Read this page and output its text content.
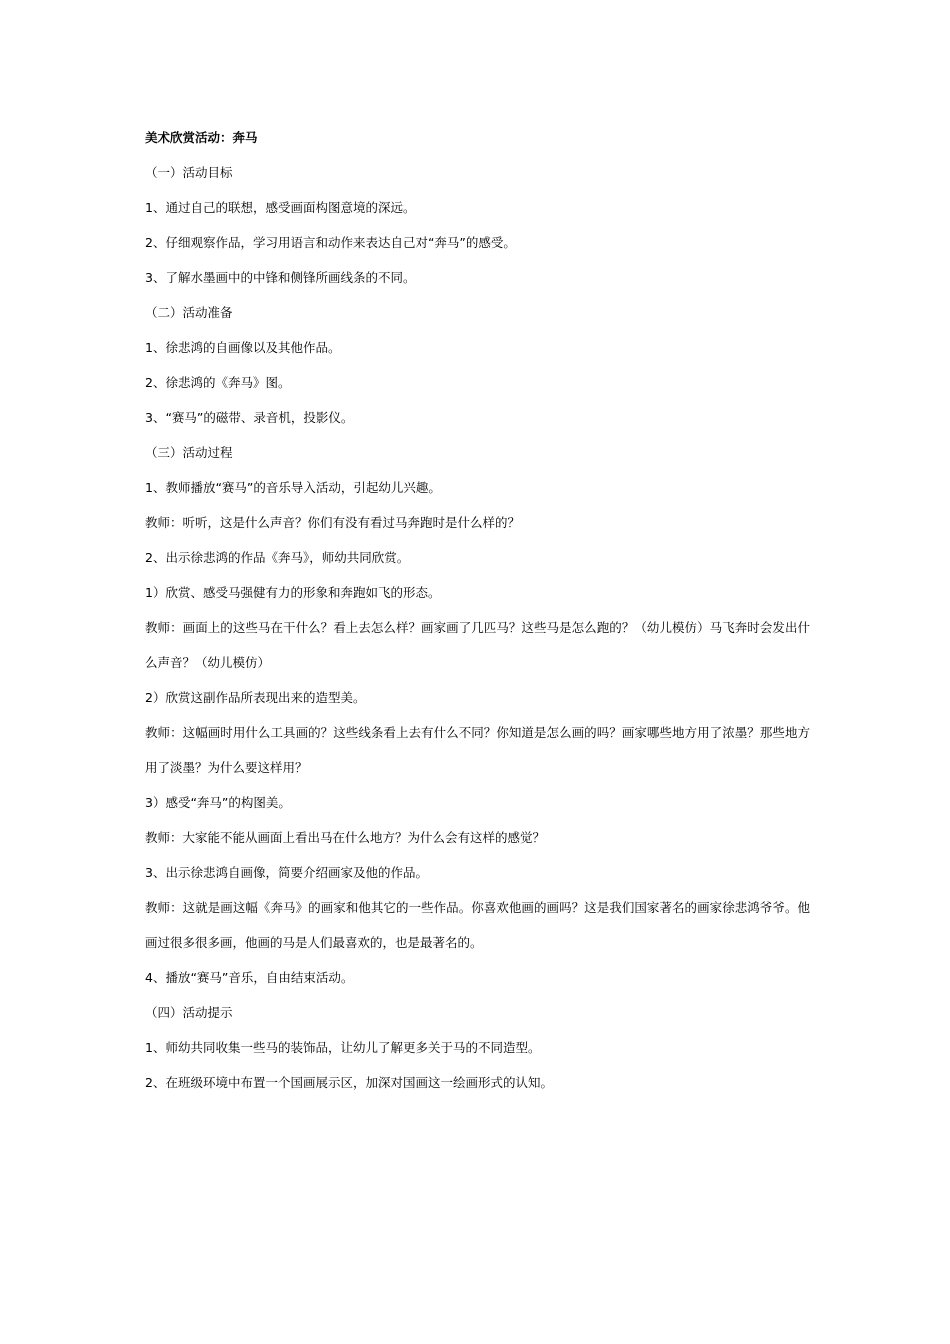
美术欣赏活动：奔马
（一）活动目标
1、通过自己的联想，感受画面构图意境的深远。
2、仔细观察作品，学习用语言和动作来表达自己对“奔马”的感受。
3、了解水墨画中的中锋和侧锋所画线条的不同。
（二）活动准备
1、徐悲鸿的自画像以及其他作品。
2、徐悲鸿的《奔马》图。
3、“赛马”的磁带、录音机，投影仪。
（三）活动过程
1、教师播放“赛马”的音乐导入活动，引起幼儿兴趣。
教师：听听，这是什么声音？你们有没有看过马奔跑时是什么样的？
2、出示徐悲鸿的作品《奔马》，师幼共同欣赏。
1）欣赏、感受马强健有力的形象和奔跑如飞的形态。
教师：画面上的这些马在干什么？看上去怎么样？画家画了几匹马？这些马是怎么跑的？（幼儿模仿）马飞奔时会发出什么声音？（幼儿模仿）
2）欣赏这副作品所表现出来的造型美。
教师：这幅画时用什么工具画的？这些线条看上去有什么不同？你知道是怎么画的吗？画家哪些地方用了浓墨？那些地方用了淡墨？为什么要这样用？
3）感受“奔马”的构图美。
教师：大家能不能从画面上看出马在什么地方？为什么会有这样的感觉？
3、出示徐悲鸿自画像，简要介绍画家及他的作品。
教师：这就是画这幅《奔马》的画家和他其它的一些作品。你喜欢他画的画吗？这是我们国家著名的画家徐悲鸿爷爷。他画过很多很多画，他画的马是人们最喜欢的，也是最著名的。
4、播放“赛马”音乐，自由结束活动。
（四）活动提示
1、师幼共同收集一些马的装饰品，让幼儿了解更多关于马的不同造型。
2、在班级环境中布置一个国画展示区，加深对国画这一绘画形式的认知。
